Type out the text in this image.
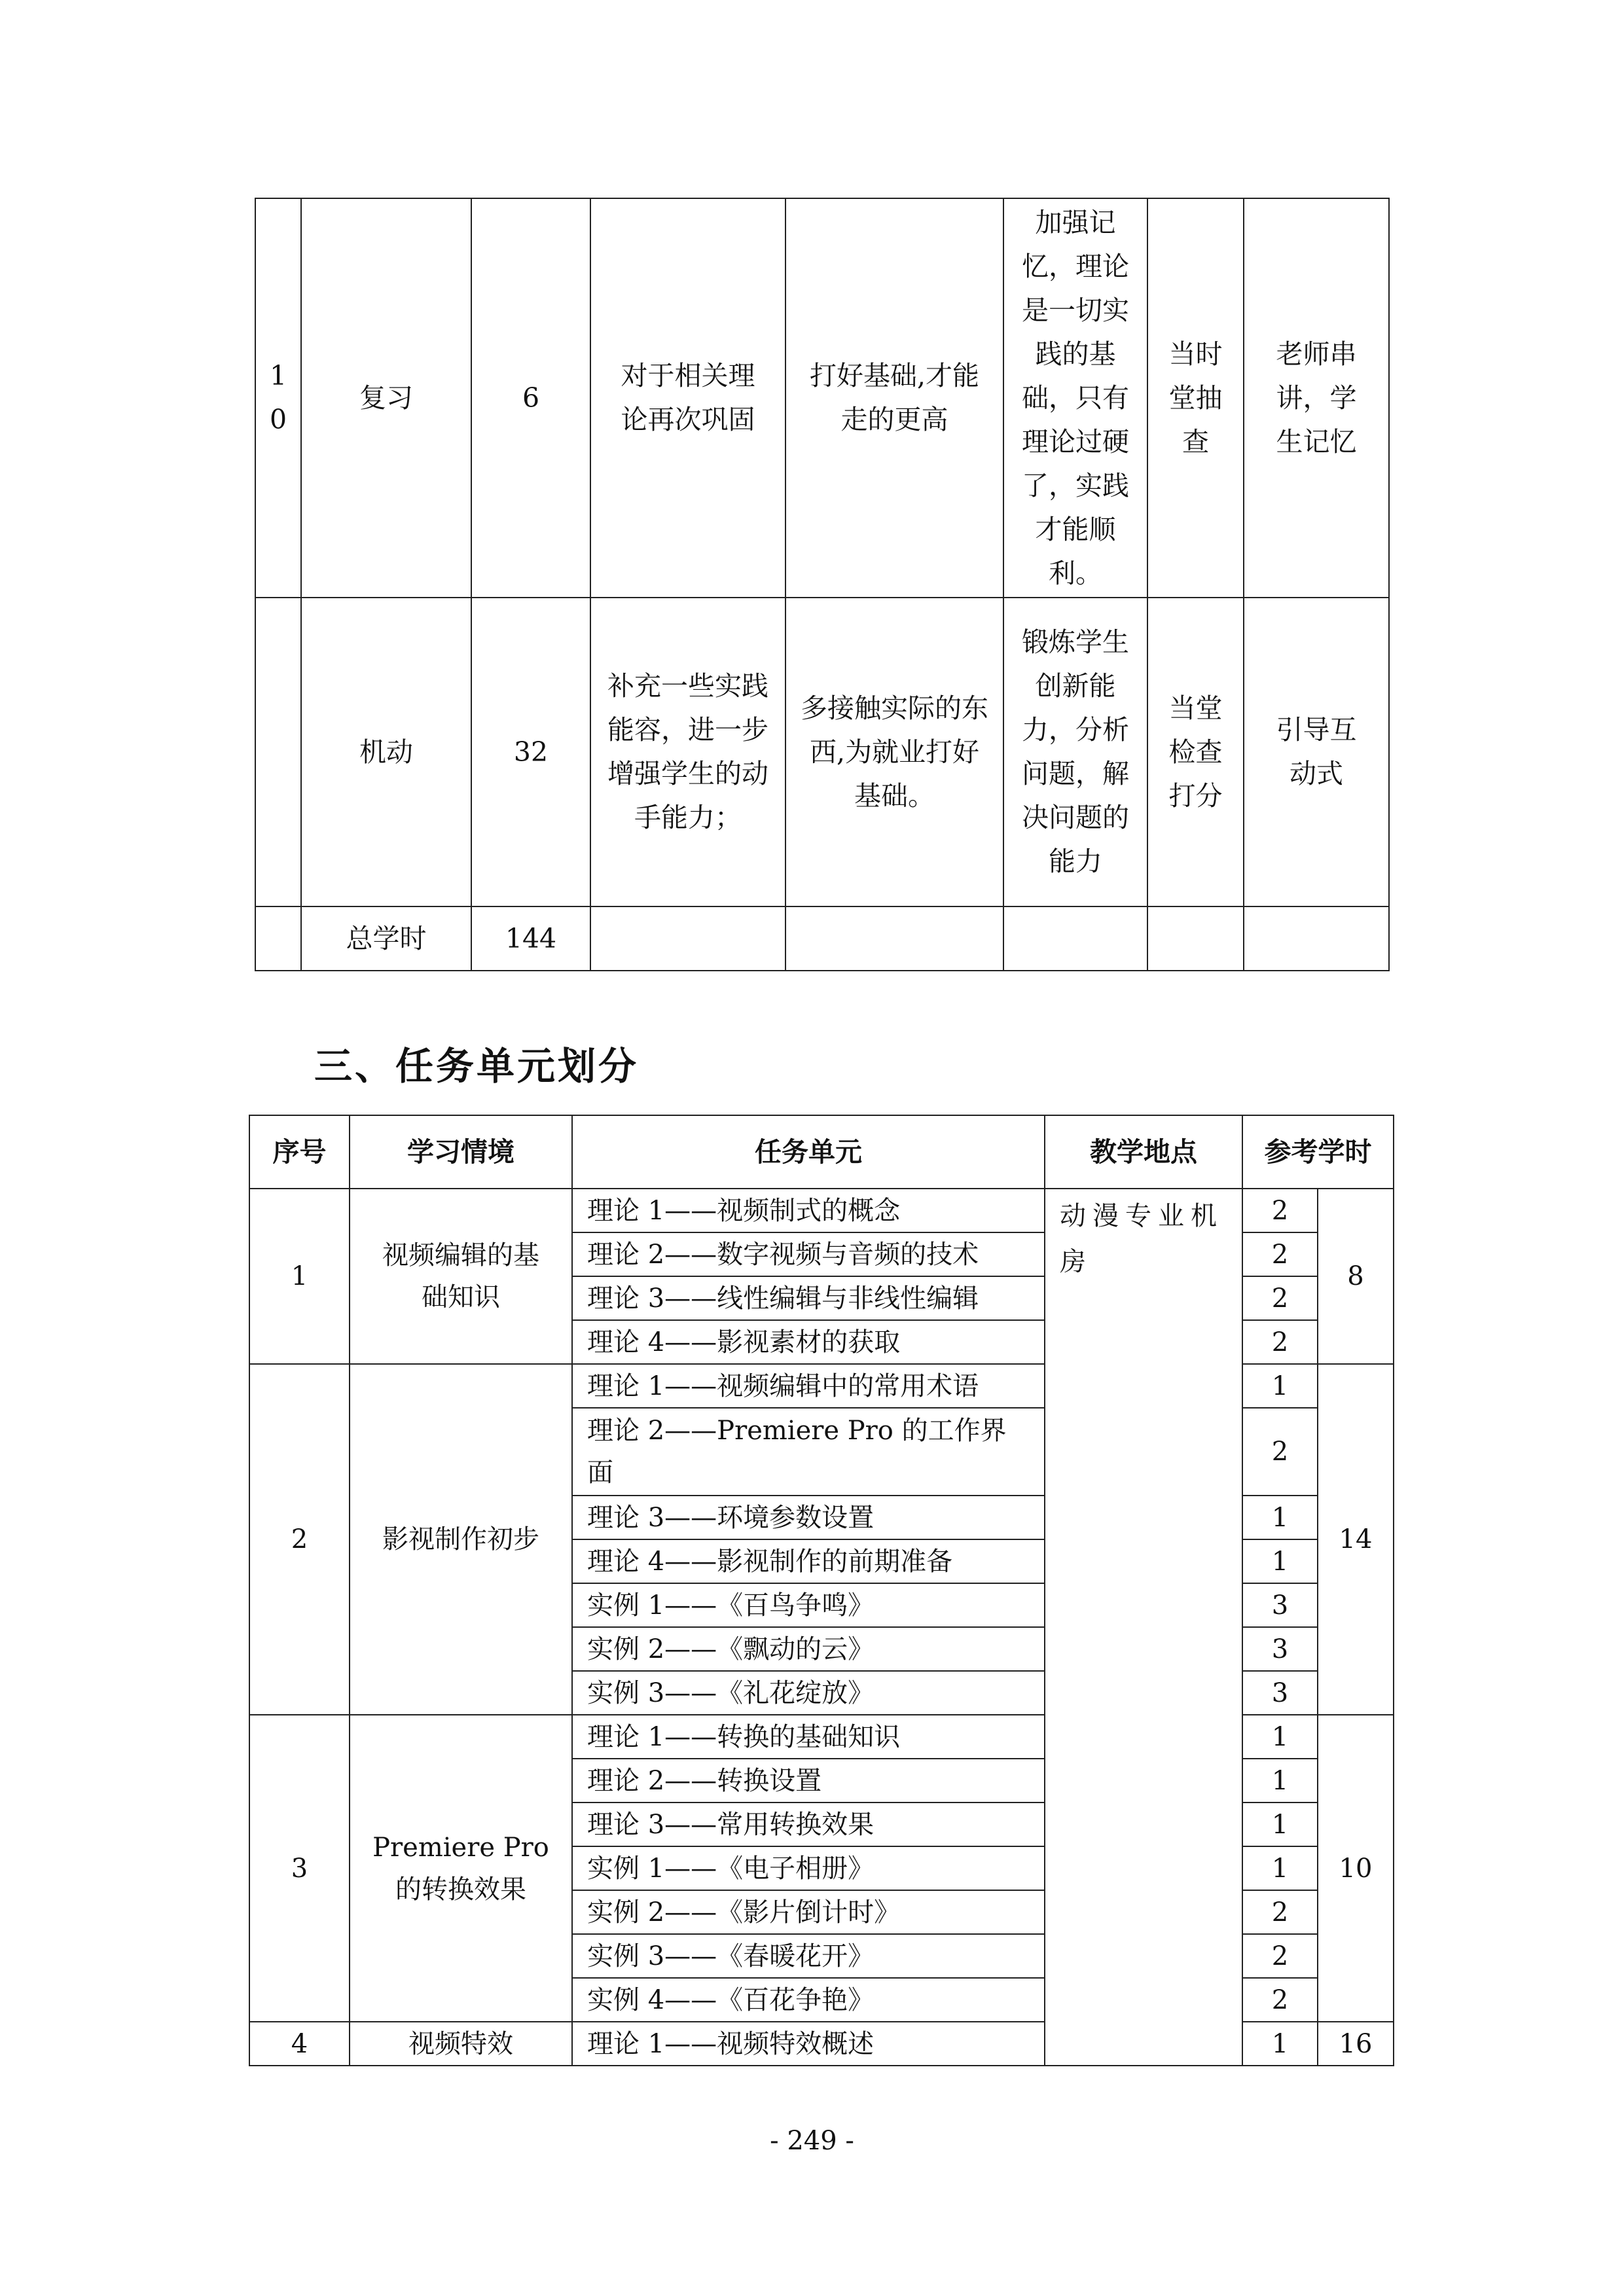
10	复习	6	对于相关理论再次巩固	打好基础,才能走的更高	加强记忆，理论是一切实践的基础，只有理论过硬了，实践才能顺利。	当时堂抽查	老师串讲，学生记忆
	机动	32	补充一些实践能容，进一步增强学生的动手能力；	多接触实际的东西,为就业打好基础。	锻炼学生创新能力，分析问题，解决问题的能力	当堂检查打分	引导互动式
	总学时	144					
三、任务单元划分
序号	学习情境	任务单元	教学地点	参考学时	
1	视频编辑的基础知识	理论 1——视频制式的概念	动漫专业机房	2	8
		理论 2——数字视频与音频的技术		2	
		理论 3——线性编辑与非线性编辑		2	
		理论 4——影视素材的获取		2	
2	影视制作初步	理论 1——视频编辑中的常用术语		1	14
		理论 2——Premiere Pro 的工作界面		2	
		理论 3——环境参数设置		1	
		理论 4——影视制作的前期准备		1	
		实例 1——《百鸟争鸣》		3	
		实例 2——《飘动的云》		3	
		实例 3——《礼花绽放》		3	
3	Premiere Pro 的转换效果	理论 1——转换的基础知识		1	10
		理论 2——转换设置		1	
		理论 3——常用转换效果		1	
		实例 1——《电子相册》		1	
		实例 2——《影片倒计时》		2	
		实例 3——《春暖花开》		2	
		实例 4——《百花争艳》		2	
4	视频特效	理论 1——视频特效概述		1	16
- 249 -
